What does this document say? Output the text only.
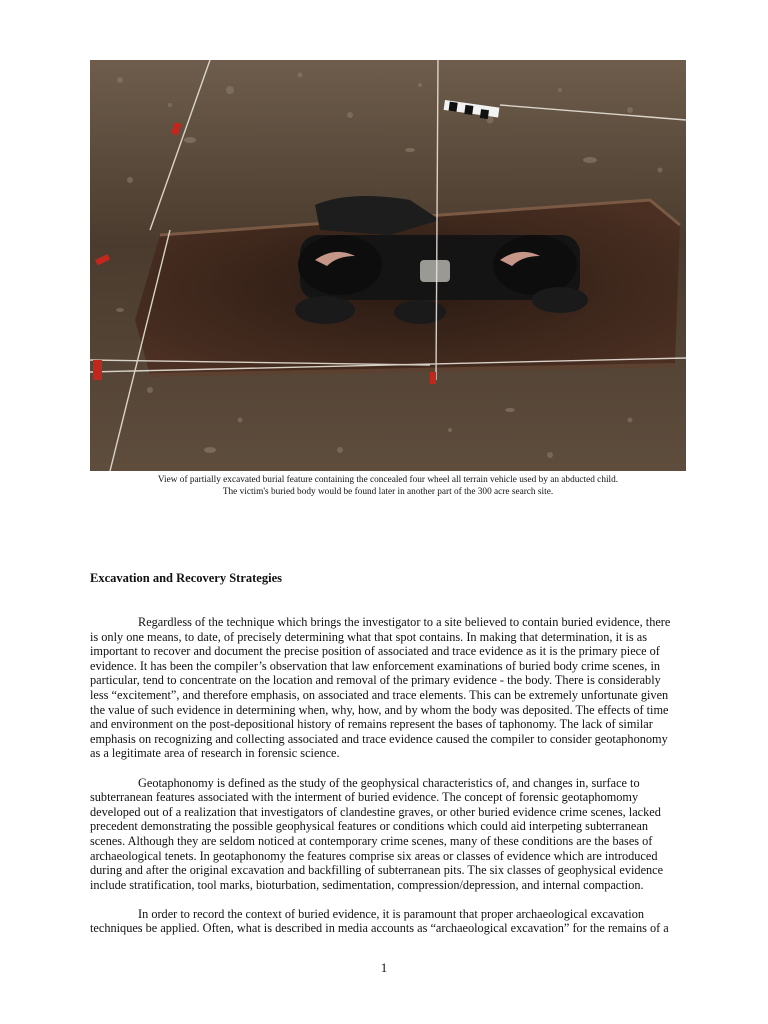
View of partially excavated burial feature containing the concealed four wheel all terrain vehicle used by an abducted child.
The victim's buried body would be found later in another part of the 300 acre search site.
Excavation and Recovery Strategies

Regardless of the technique which brings the investigator to a site believed to contain buried evidence, there
is only one means, to date, of precisely determining what that spot contains. In making that determination, it is as
important to recover and document the precise position of associated and trace evidence as it is the primary piece of
evidence. It has been the compiler’s observation that law enforcement examinations of buried body crime scenes, in
particular, tend to concentrate on the location and removal of the primary evidence - the body. There is considerably
less “excitement”, and therefore emphasis, on associated and trace elements. This can be extremely unfortunate given
the value of such evidence in determining when, why, how, and by whom the body was deposited. The effects of time
and environment on the post-depositional history of remains represent the bases of taphonomy. The lack of similar
emphasis on recognizing and collecting associated and trace evidence caused the compiler to consider geotaphonomy
as a legitimate area of research in forensic science.

Geotaphonomy is defined as the study of the geophysical characteristics of, and changes in, surface to
subterranean features associated with the interment of buried evidence. The concept of forensic geotaphomomy
developed out of a realization that investigators of clandestine graves, or other buried evidence crime scenes, lacked
precedent demonstrating the possible geophysical features or conditions which could aid interpeting subterranean
scenes. Although they are seldom noticed at contemporary crime scenes, many of these conditions are the bases of
archaeological tenets. In geotaphonomy the features comprise six areas or classes of evidence which are introduced
during and after the original excavation and backfilling of subterranean pits. The six classes of geophysical evidence
include stratification, tool marks, bioturbation, sedimentation, compression/depression, and internal compaction.

In order to record the context of buried evidence, it is paramount that proper archaeological excavation
techniques be applied. Often, what is described in media accounts as “archaeological excavation” for the remains of a

1
